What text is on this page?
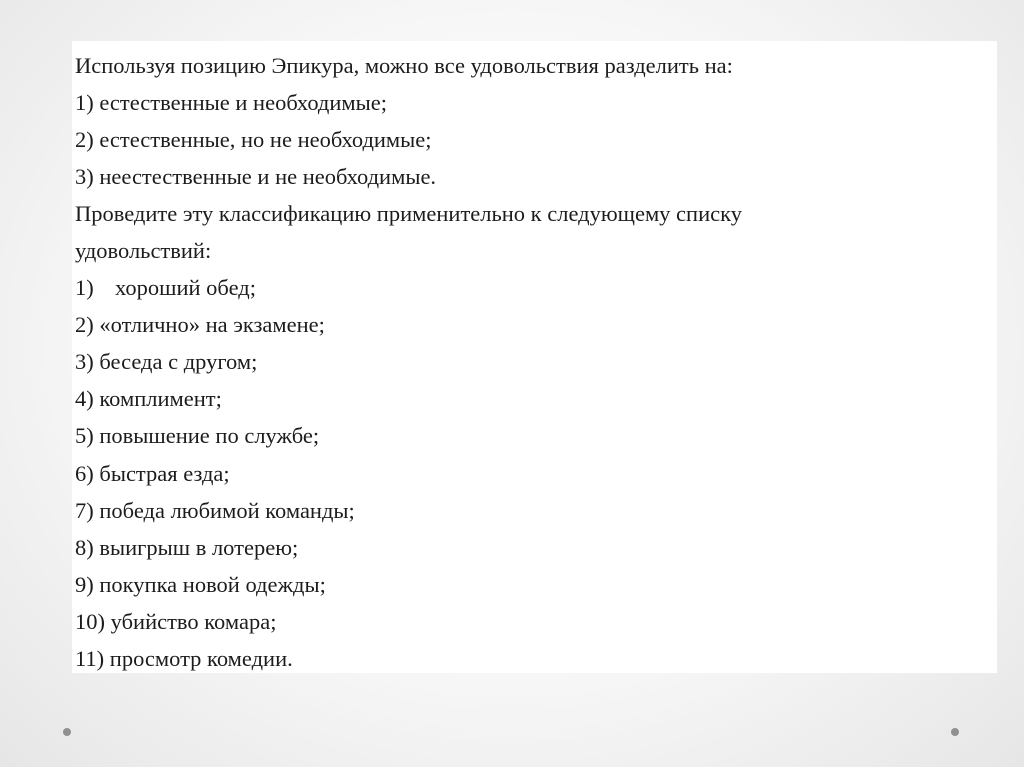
Используя позицию Эпикура, можно все удовольствия разделить на:
1) естественные и необходимые;
2) естественные, но не необходимые;
3) неестественные и не необходимые.
Проведите эту классификацию применительно к следующему списку
удовольствий:
1) хороший обед;
2) «отлично» на экзамене;
3) беседа с другом;
4) комплимент;
5) повышение по службе;
6) быстрая езда;
7) победа любимой команды;
8) выигрыш в лотерею;
9) покупка новой одежды;
10) убийство комара;
11) просмотр комедии.
